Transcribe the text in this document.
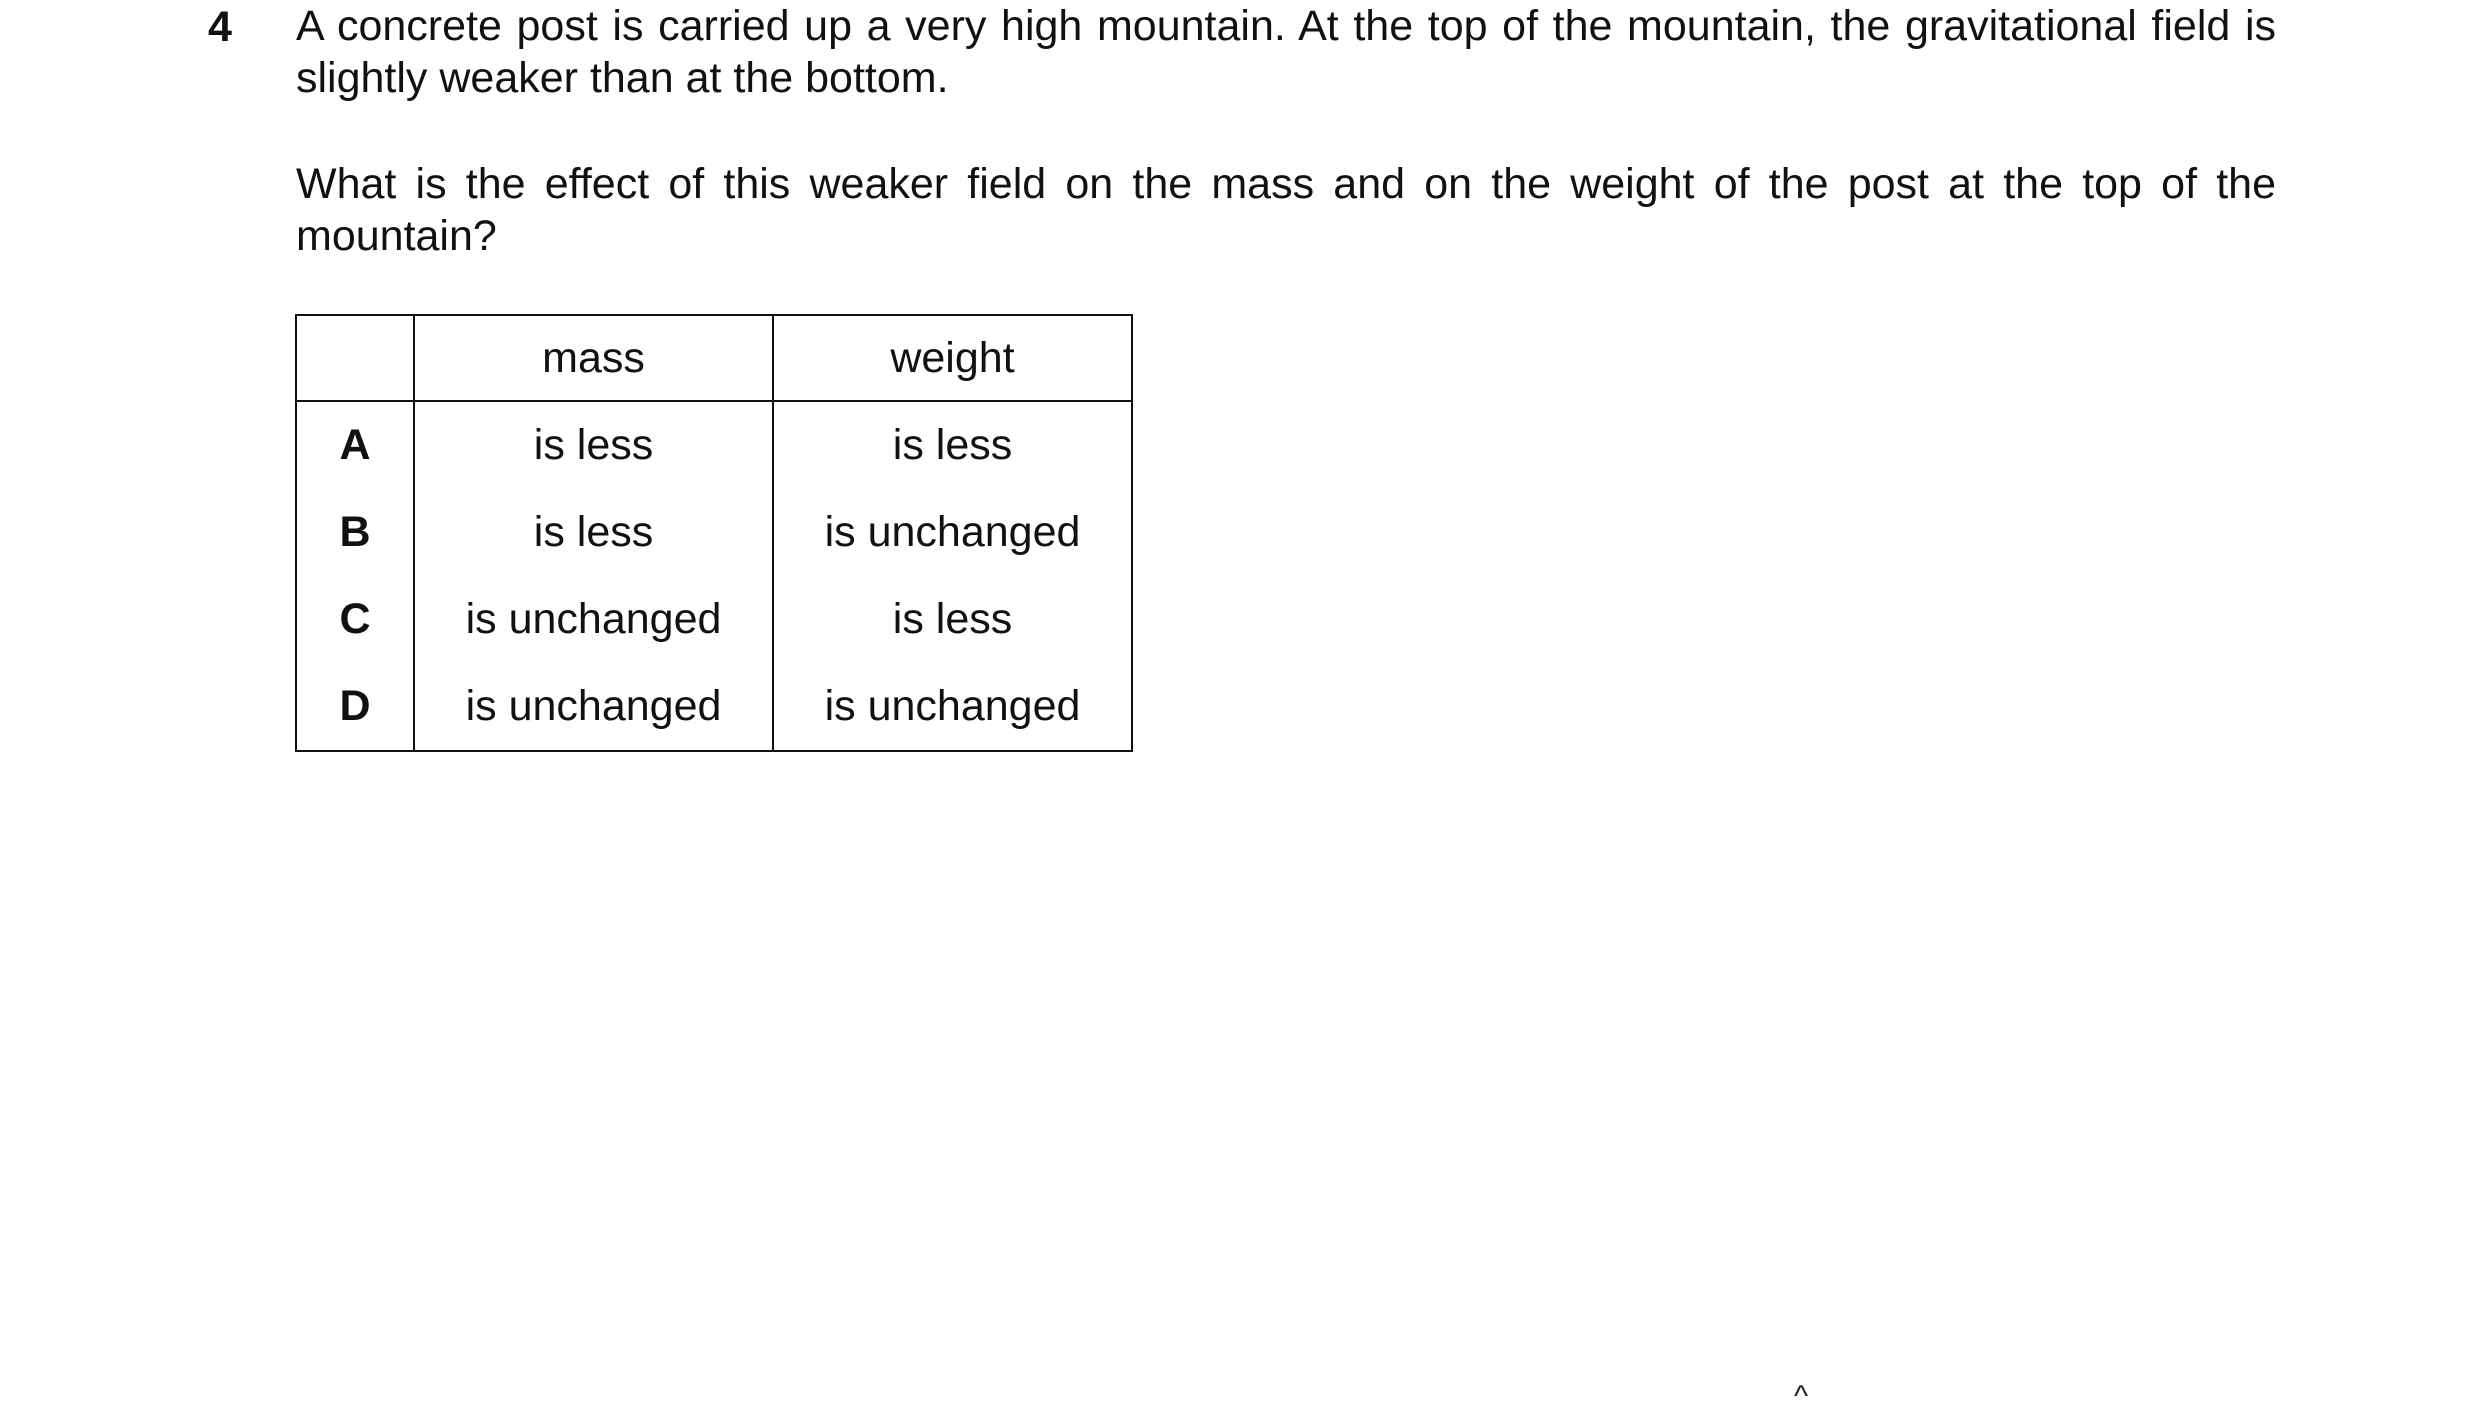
4 A concrete post is carried up a very high mountain. At the top of the mountain, the gravitational field is slightly weaker than at the bottom.
What is the effect of this weaker field on the mass and on the weight of the post at the top of the mountain?
	mass	weight
A	is less	is less
B	is less	is unchanged
C	is unchanged	is less
D	is unchanged	is unchanged
^
